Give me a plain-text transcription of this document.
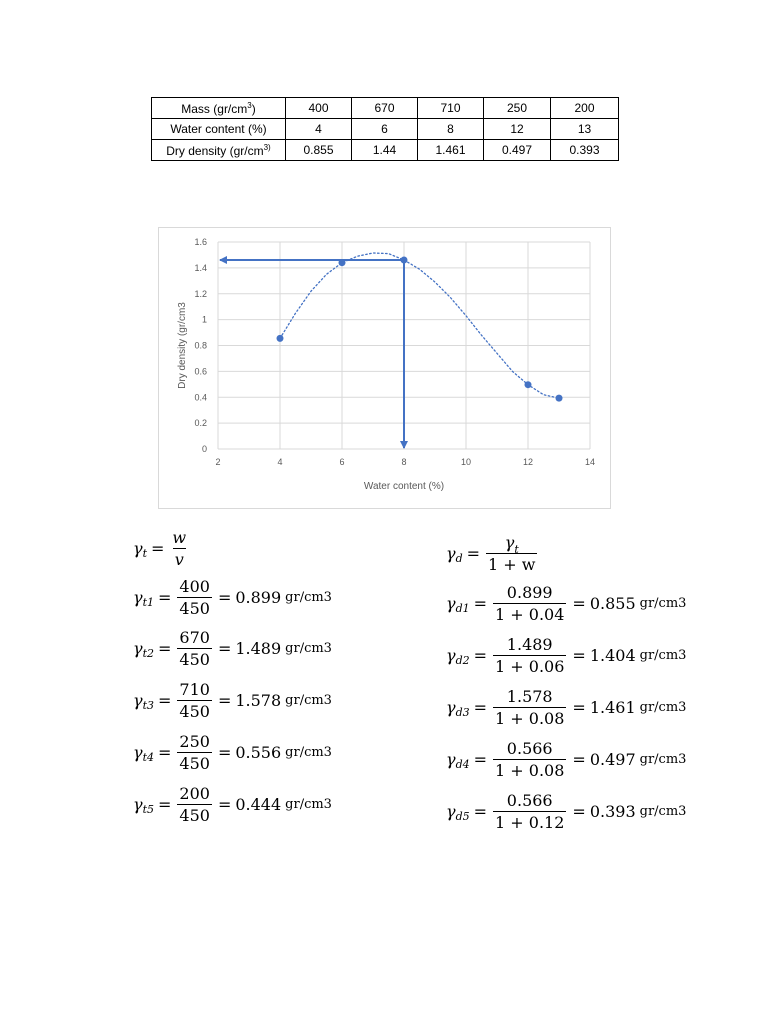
Mass $(gr/cm^3)$	400	670	710	250	200
Water content (%)	4	6	8	12	13
Dry density ($gr/cm^{3)}$	0.855	1.44	1.461	0.497	0.393
0
0.2
0.4
0.6
0.8
1
1.2
1.4
1.6
2	4	6	8	10	12	14
Water content (%)
Dry density (gr/cm3
γ $t = \frac{w}{v}$
γ $t1 = \frac{400}{450} = 0.899$ gr/cm3
γ $t2 = \frac{670}{450} = 1.489$ gr/cm3
γ $t3 = \frac{710}{450} = 1.578$ gr/cm3
γ $t4 = \frac{250}{450} = 0.556$ gr/cm3
γ $t5 = \frac{200}{450} = 0.444$ gr/cm3
γ $d = \frac{\gamma_t}{1 + w}$
γ $d1 = \frac{0.899}{1 + 0.04} = 0.855$ gr/cm3
γ $d2 = \frac{1.489}{1 + 0.06} = 1.404$ gr/cm3
γ $d3 = \frac{1.578}{1 + 0.08} = 1.461$ gr/cm3
γ $d4 = \frac{0.566}{1 + 0.08} = 0.497$ gr/cm3
γ $d5 = \frac{0.566}{1 + 0.12} = 0.393$ gr/cm3
